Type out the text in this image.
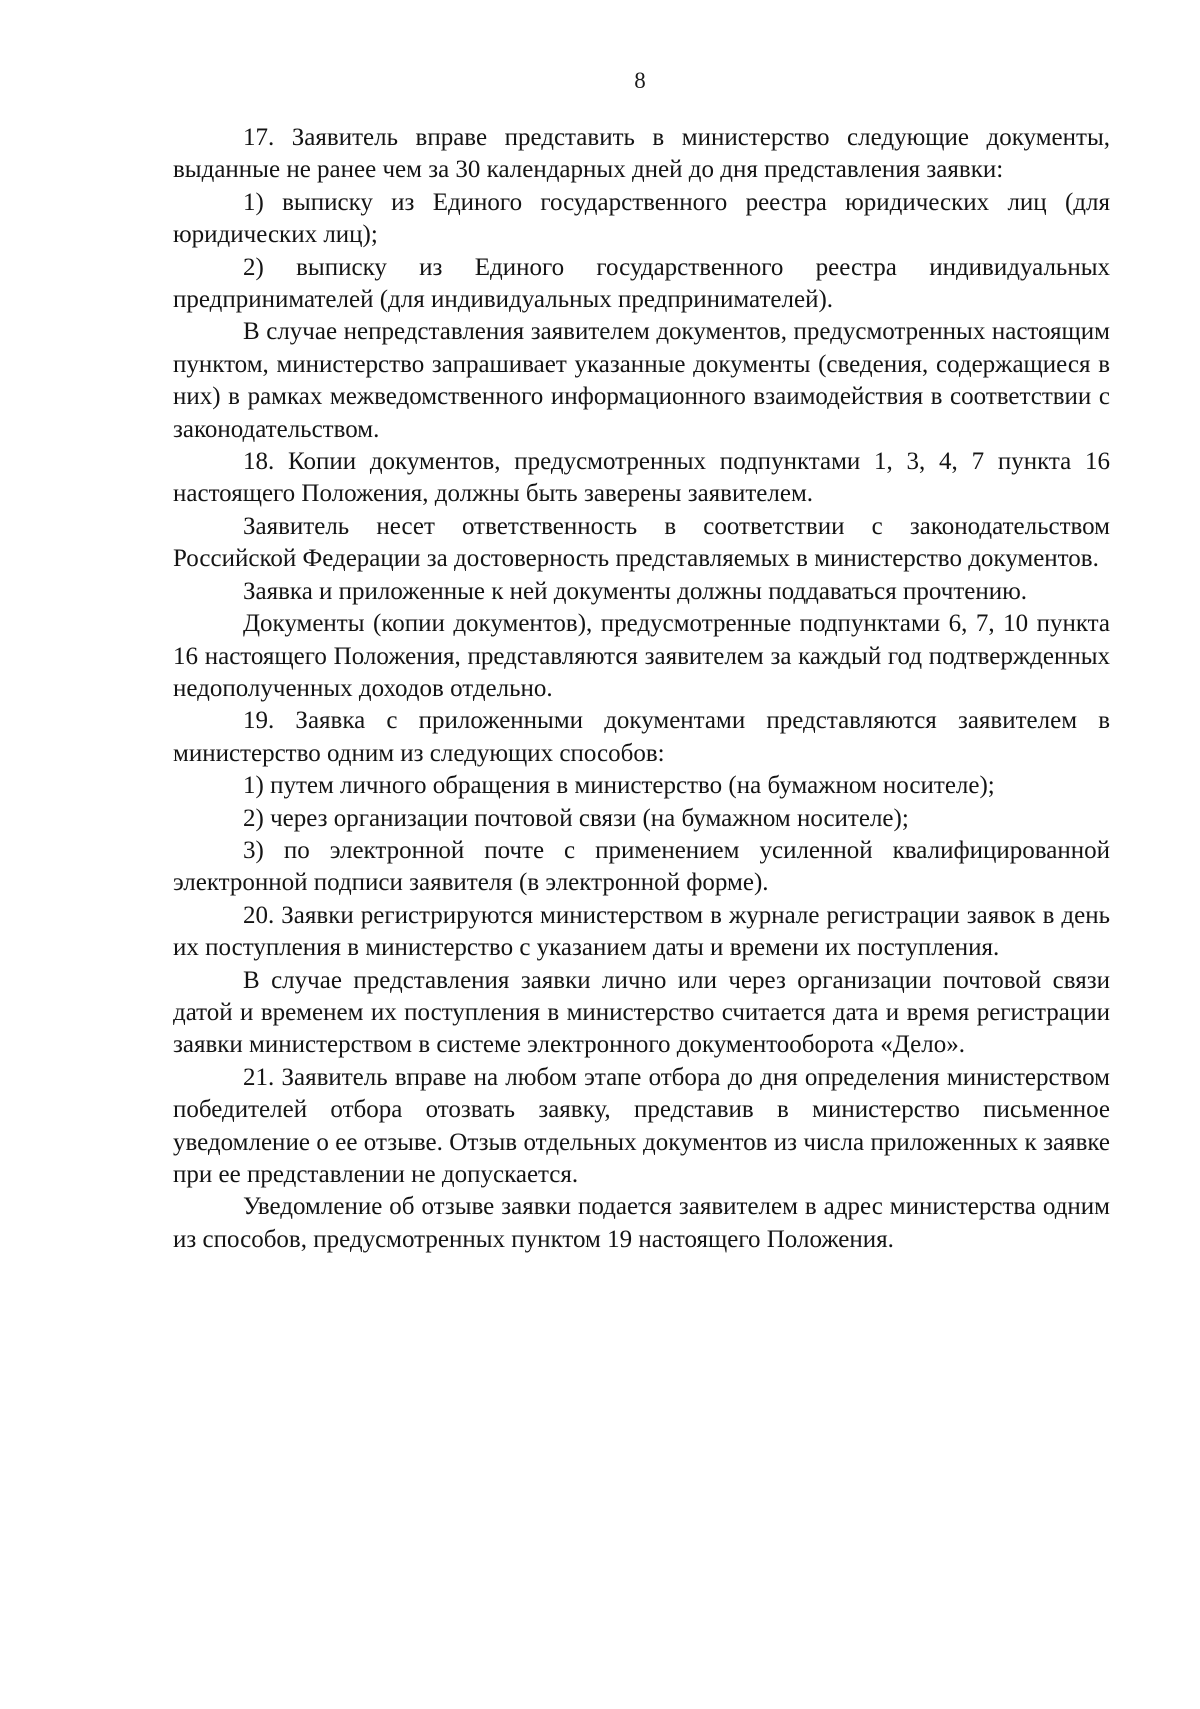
8

17. Заявитель вправе представить в министерство следующие документы, выданные не ранее чем за 30 календарных дней до дня представления заявки:

1) выписку из Единого государственного реестра юридических лиц (для юридических лиц);

2) выписку из Единого государственного реестра индивидуальных предпринимателей (для индивидуальных предпринимателей).

В случае непредставления заявителем документов, предусмотренных настоящим пунктом, министерство запрашивает указанные документы (сведения, содержащиеся в них) в рамках межведомственного информационного взаимодействия в соответствии с законодательством.

18. Копии документов, предусмотренных подпунктами 1, 3, 4, 7 пункта 16 настоящего Положения, должны быть заверены заявителем.

Заявитель несет ответственность в соответствии с законодательством Российской Федерации за достоверность представляемых в министерство документов.

Заявка и приложенные к ней документы должны поддаваться прочтению.

Документы (копии документов), предусмотренные подпунктами 6, 7, 10 пункта 16 настоящего Положения, представляются заявителем за каждый год подтвержденных недополученных доходов отдельно.

19. Заявка с приложенными документами представляются заявителем в министерство одним из следующих способов:

1) путем личного обращения в министерство (на бумажном носителе);

2) через организации почтовой связи (на бумажном носителе);

3) по электронной почте с применением усиленной квалифицированной электронной подписи заявителя (в электронной форме).

20. Заявки регистрируются министерством в журнале регистрации заявок в день их поступления в министерство с указанием даты и времени их поступления.

В случае представления заявки лично или через организации почтовой связи датой и временем их поступления в министерство считается дата и время регистрации заявки министерством в системе электронного документооборота «Дело».

21. Заявитель вправе на любом этапе отбора до дня определения министерством победителей отбора отозвать заявку, представив в министерство письменное уведомление о ее отзыве. Отзыв отдельных документов из числа приложенных к заявке при ее представлении не допускается.

Уведомление об отзыве заявки подается заявителем в адрес министерства одним из способов, предусмотренных пунктом 19 настоящего Положения.
